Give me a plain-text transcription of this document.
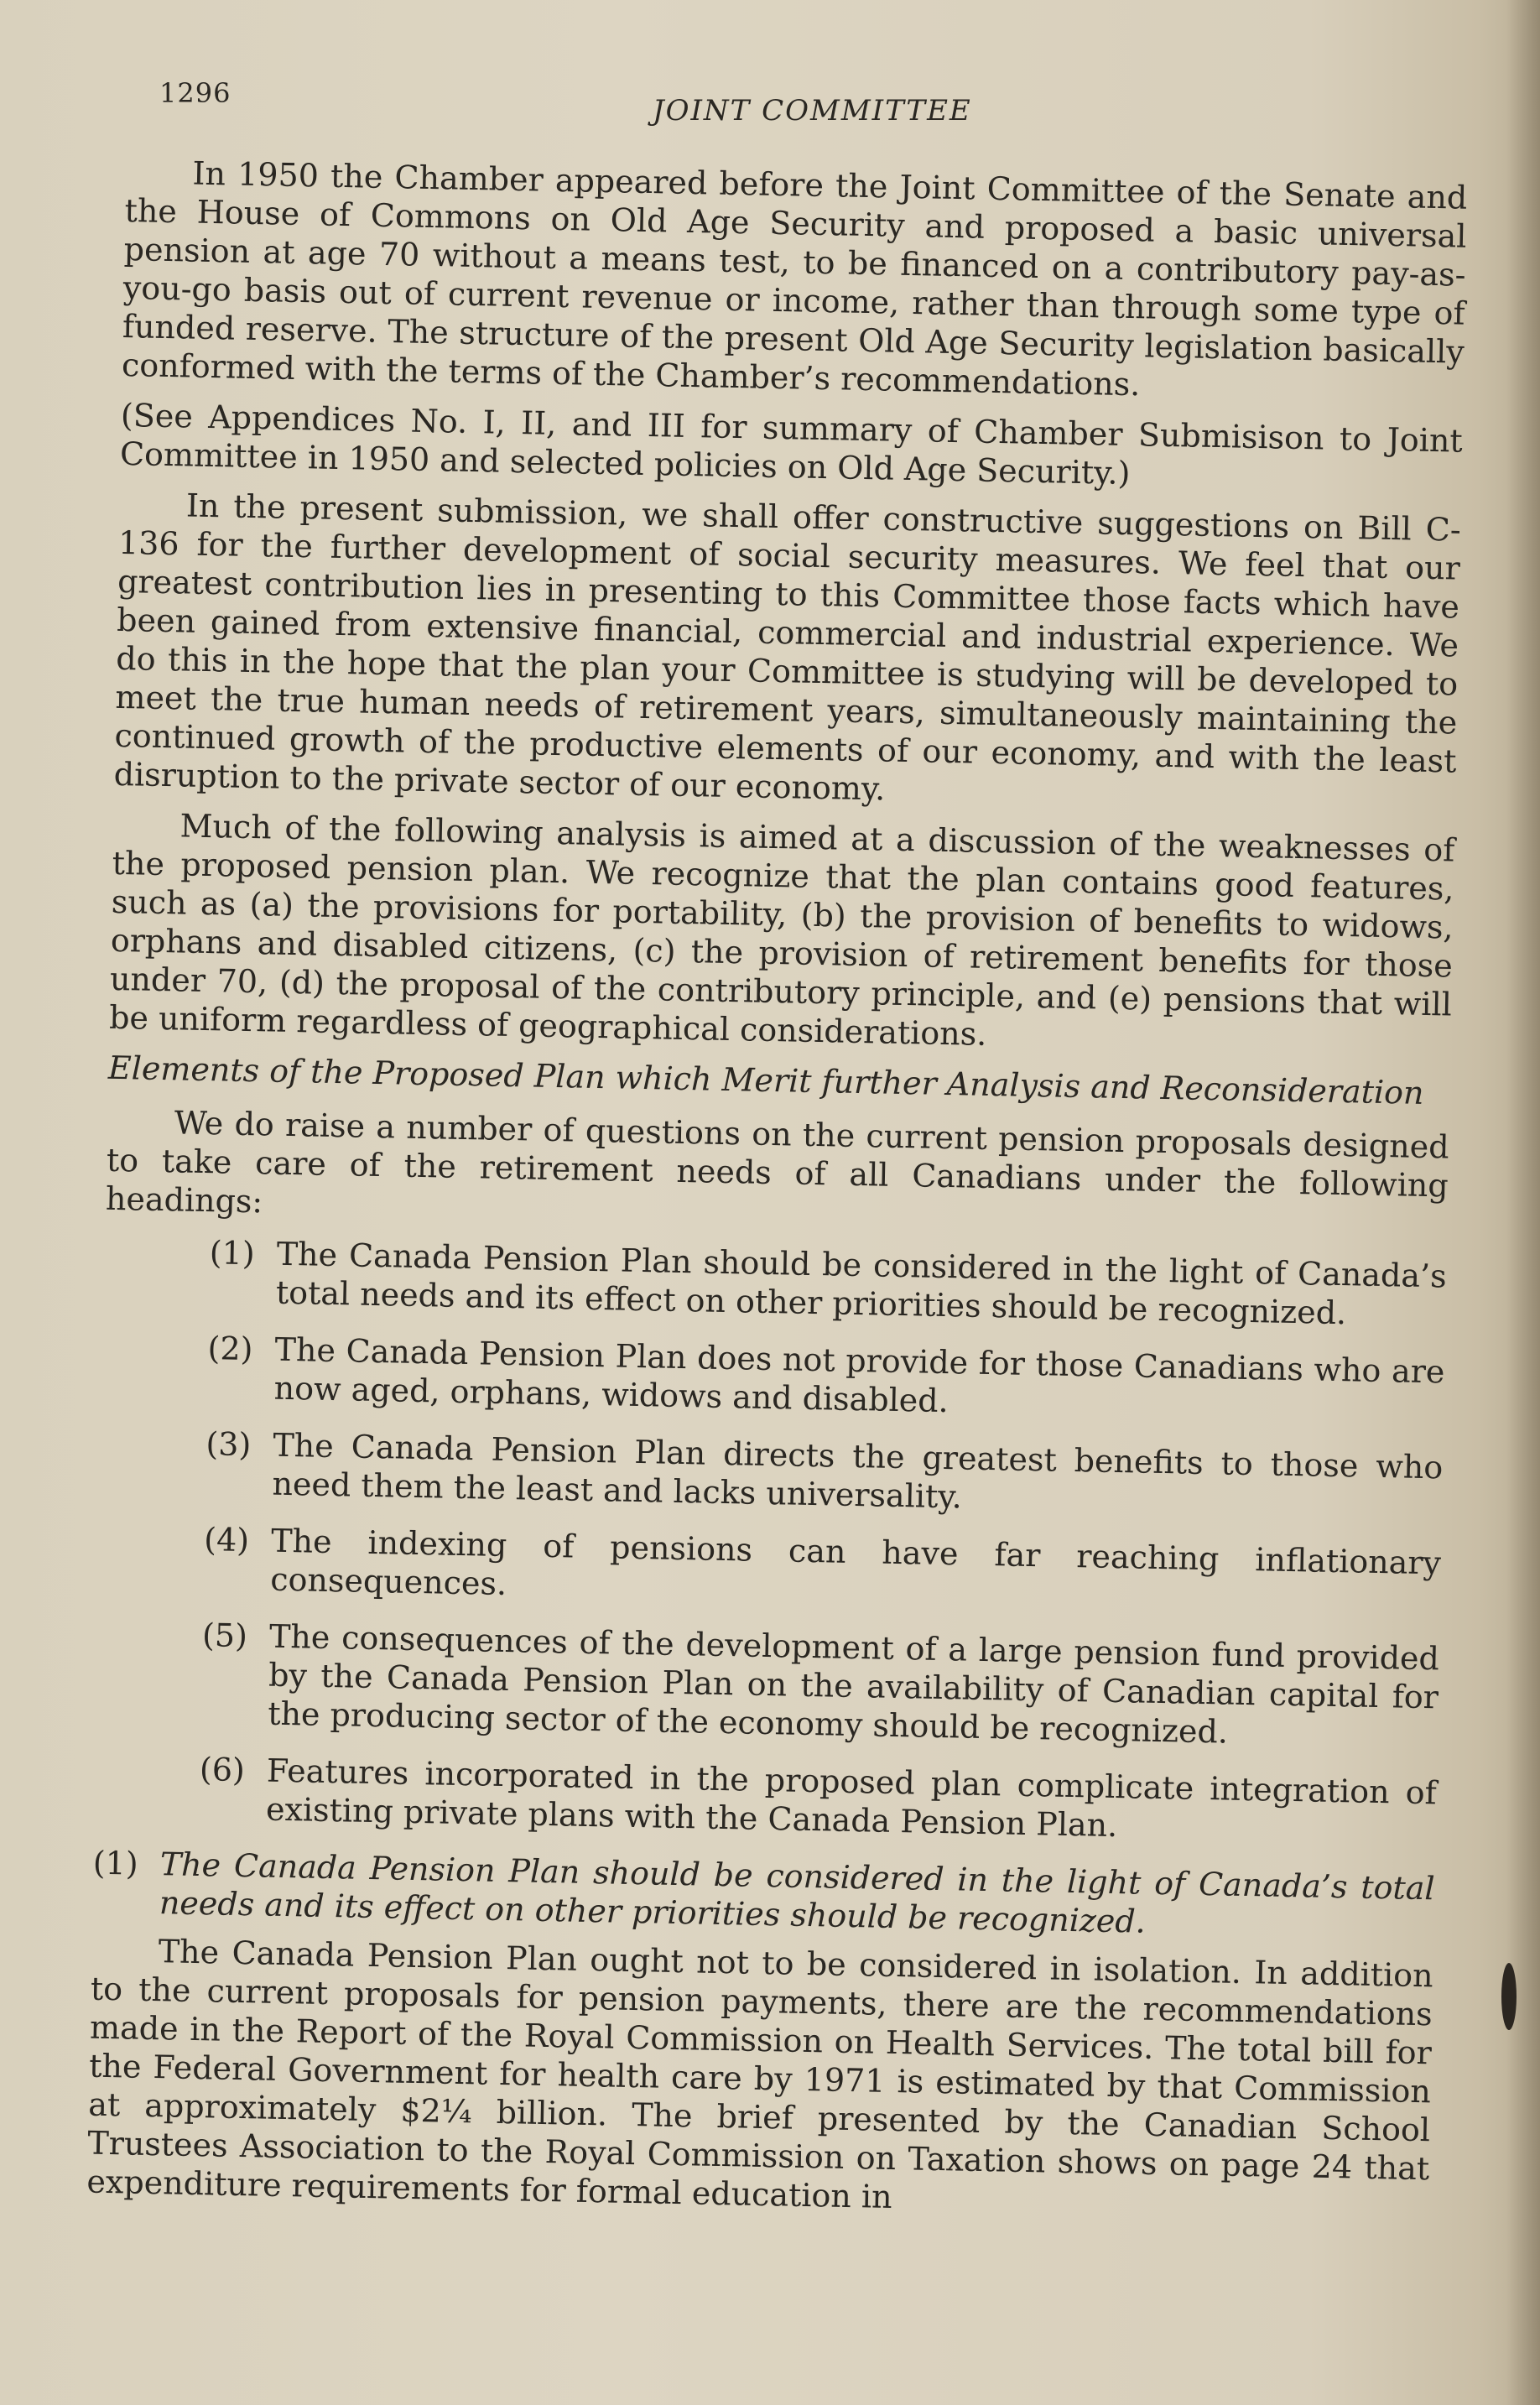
1296
JOINT COMMITTEE

In 1950 the Chamber appeared before the Joint Committee of the Senate and the House of Commons on Old Age Security and proposed a basic universal pension at age 70 without a means test, to be financed on a contributory pay-as-you-go basis out of current revenue or income, rather than through some type of funded reserve. The structure of the present Old Age Security legislation basically conformed with the terms of the Chamber’s recommendations.

(See Appendices No. I, II, and III for summary of Chamber Submisison to Joint Committee in 1950 and selected policies on Old Age Security.)

In the present submission, we shall offer constructive suggestions on Bill C-136 for the further development of social security measures. We feel that our greatest contribution lies in presenting to this Committee those facts which have been gained from extensive financial, commercial and industrial experience. We do this in the hope that the plan your Committee is studying will be developed to meet the true human needs of retirement years, simultaneously maintaining the continued growth of the productive elements of our economy, and with the least disruption to the private sector of our economy.

Much of the following analysis is aimed at a discussion of the weaknesses of the proposed pension plan. We recognize that the plan contains good features, such as (a) the provisions for portability, (b) the provision of benefits to widows, orphans and disabled citizens, (c) the provision of retirement benefits for those under 70, (d) the proposal of the contributory principle, and (e) pensions that will be uniform regardless of geographical considerations.

Elements of the Proposed Plan which Merit further Analysis and Reconsideration

We do raise a number of questions on the current pension proposals designed to take care of the retirement needs of all Canadians under the following headings:

(1) The Canada Pension Plan should be considered in the light of Canada’s total needs and its effect on other priorities should be recognized.
(2) The Canada Pension Plan does not provide for those Canadians who are now aged, orphans, widows and disabled.
(3) The Canada Pension Plan directs the greatest benefits to those who need them the least and lacks universality.
(4) The indexing of pensions can have far reaching inflationary consequences.
(5) The consequences of the development of a large pension fund provided by the Canada Pension Plan on the availability of Canadian capital for the producing sector of the economy should be recognized.
(6) Features incorporated in the proposed plan complicate integration of existing private plans with the Canada Pension Plan.
(1) The Canada Pension Plan should be considered in the light of Canada’s total needs and its effect on other priorities should be recognized.

The Canada Pension Plan ought not to be considered in isolation. In addition to the current proposals for pension payments, there are the recommendations made in the Report of the Royal Commission on Health Services. The total bill for the Federal Government for health care by 1971 is estimated by that Commission at approximately $2¼ billion. The brief presented by the Canadian School Trustees Association to the Royal Commission on Taxation shows on page 24 that expenditure requirements for formal education in
